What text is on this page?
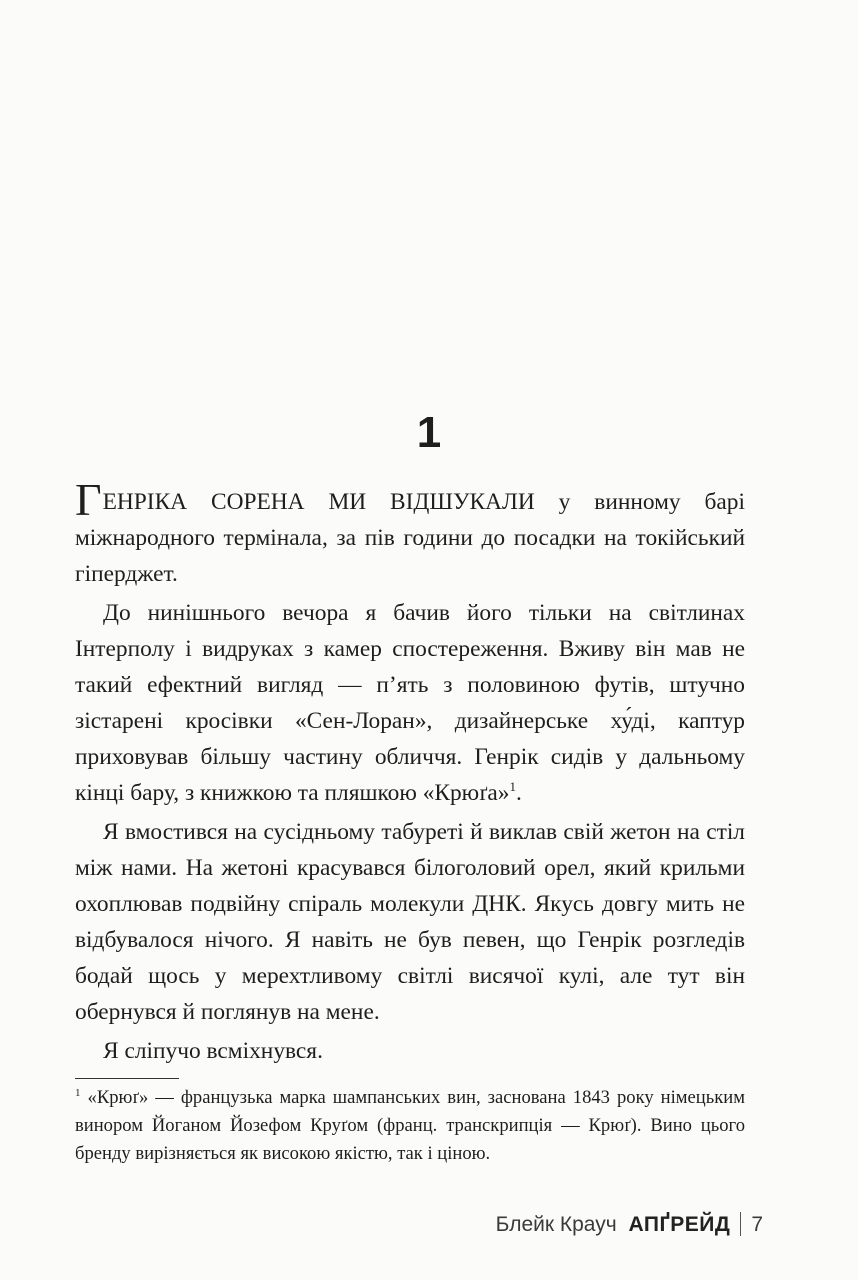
1

ГЕНРІКА СОРЕНА МИ ВІДШУКАЛИ у винному барі міжнародного термінала, за пів години до посадки на токійський гіперджет.

До нинішнього вечора я бачив його тільки на світлинах Інтерполу і видруках з камер спостереження. Вживу він мав не такий ефектний вигляд — п’ять з половиною футів, штучно зістарені кросівки «Сен-Лоран», дизайнерське ху́ді, каптур приховував більшу частину обличчя. Генрік сидів у дальньому кінці бару, з книжкою та пляшкою «Крюґа»$^1$.

Я вмостився на сусідньому табуреті й виклав свій жетон на стіл між нами. На жетоні красувався білоголовий орел, який крильми охоплював подвійну спіраль молекули ДНК. Якусь довгу мить не відбувалося нічого. Я навіть не був певен, що Генрік розгледів бодай щось у мерехтливому світлі висячої кулі, але тут він обернувся й поглянув на мене.

Я сліпучо всміхнувся.

$^1$ «Крюґ» — французька марка шампанських вин, заснована 1843 року німецьким винором Йоганом Йозефом Круґом (франц. транскрипція — Крюґ). Вино цього бренду вирізняється як високою якістю, так і ціною.
Блейк Крауч АПҐРЕЙД 7
